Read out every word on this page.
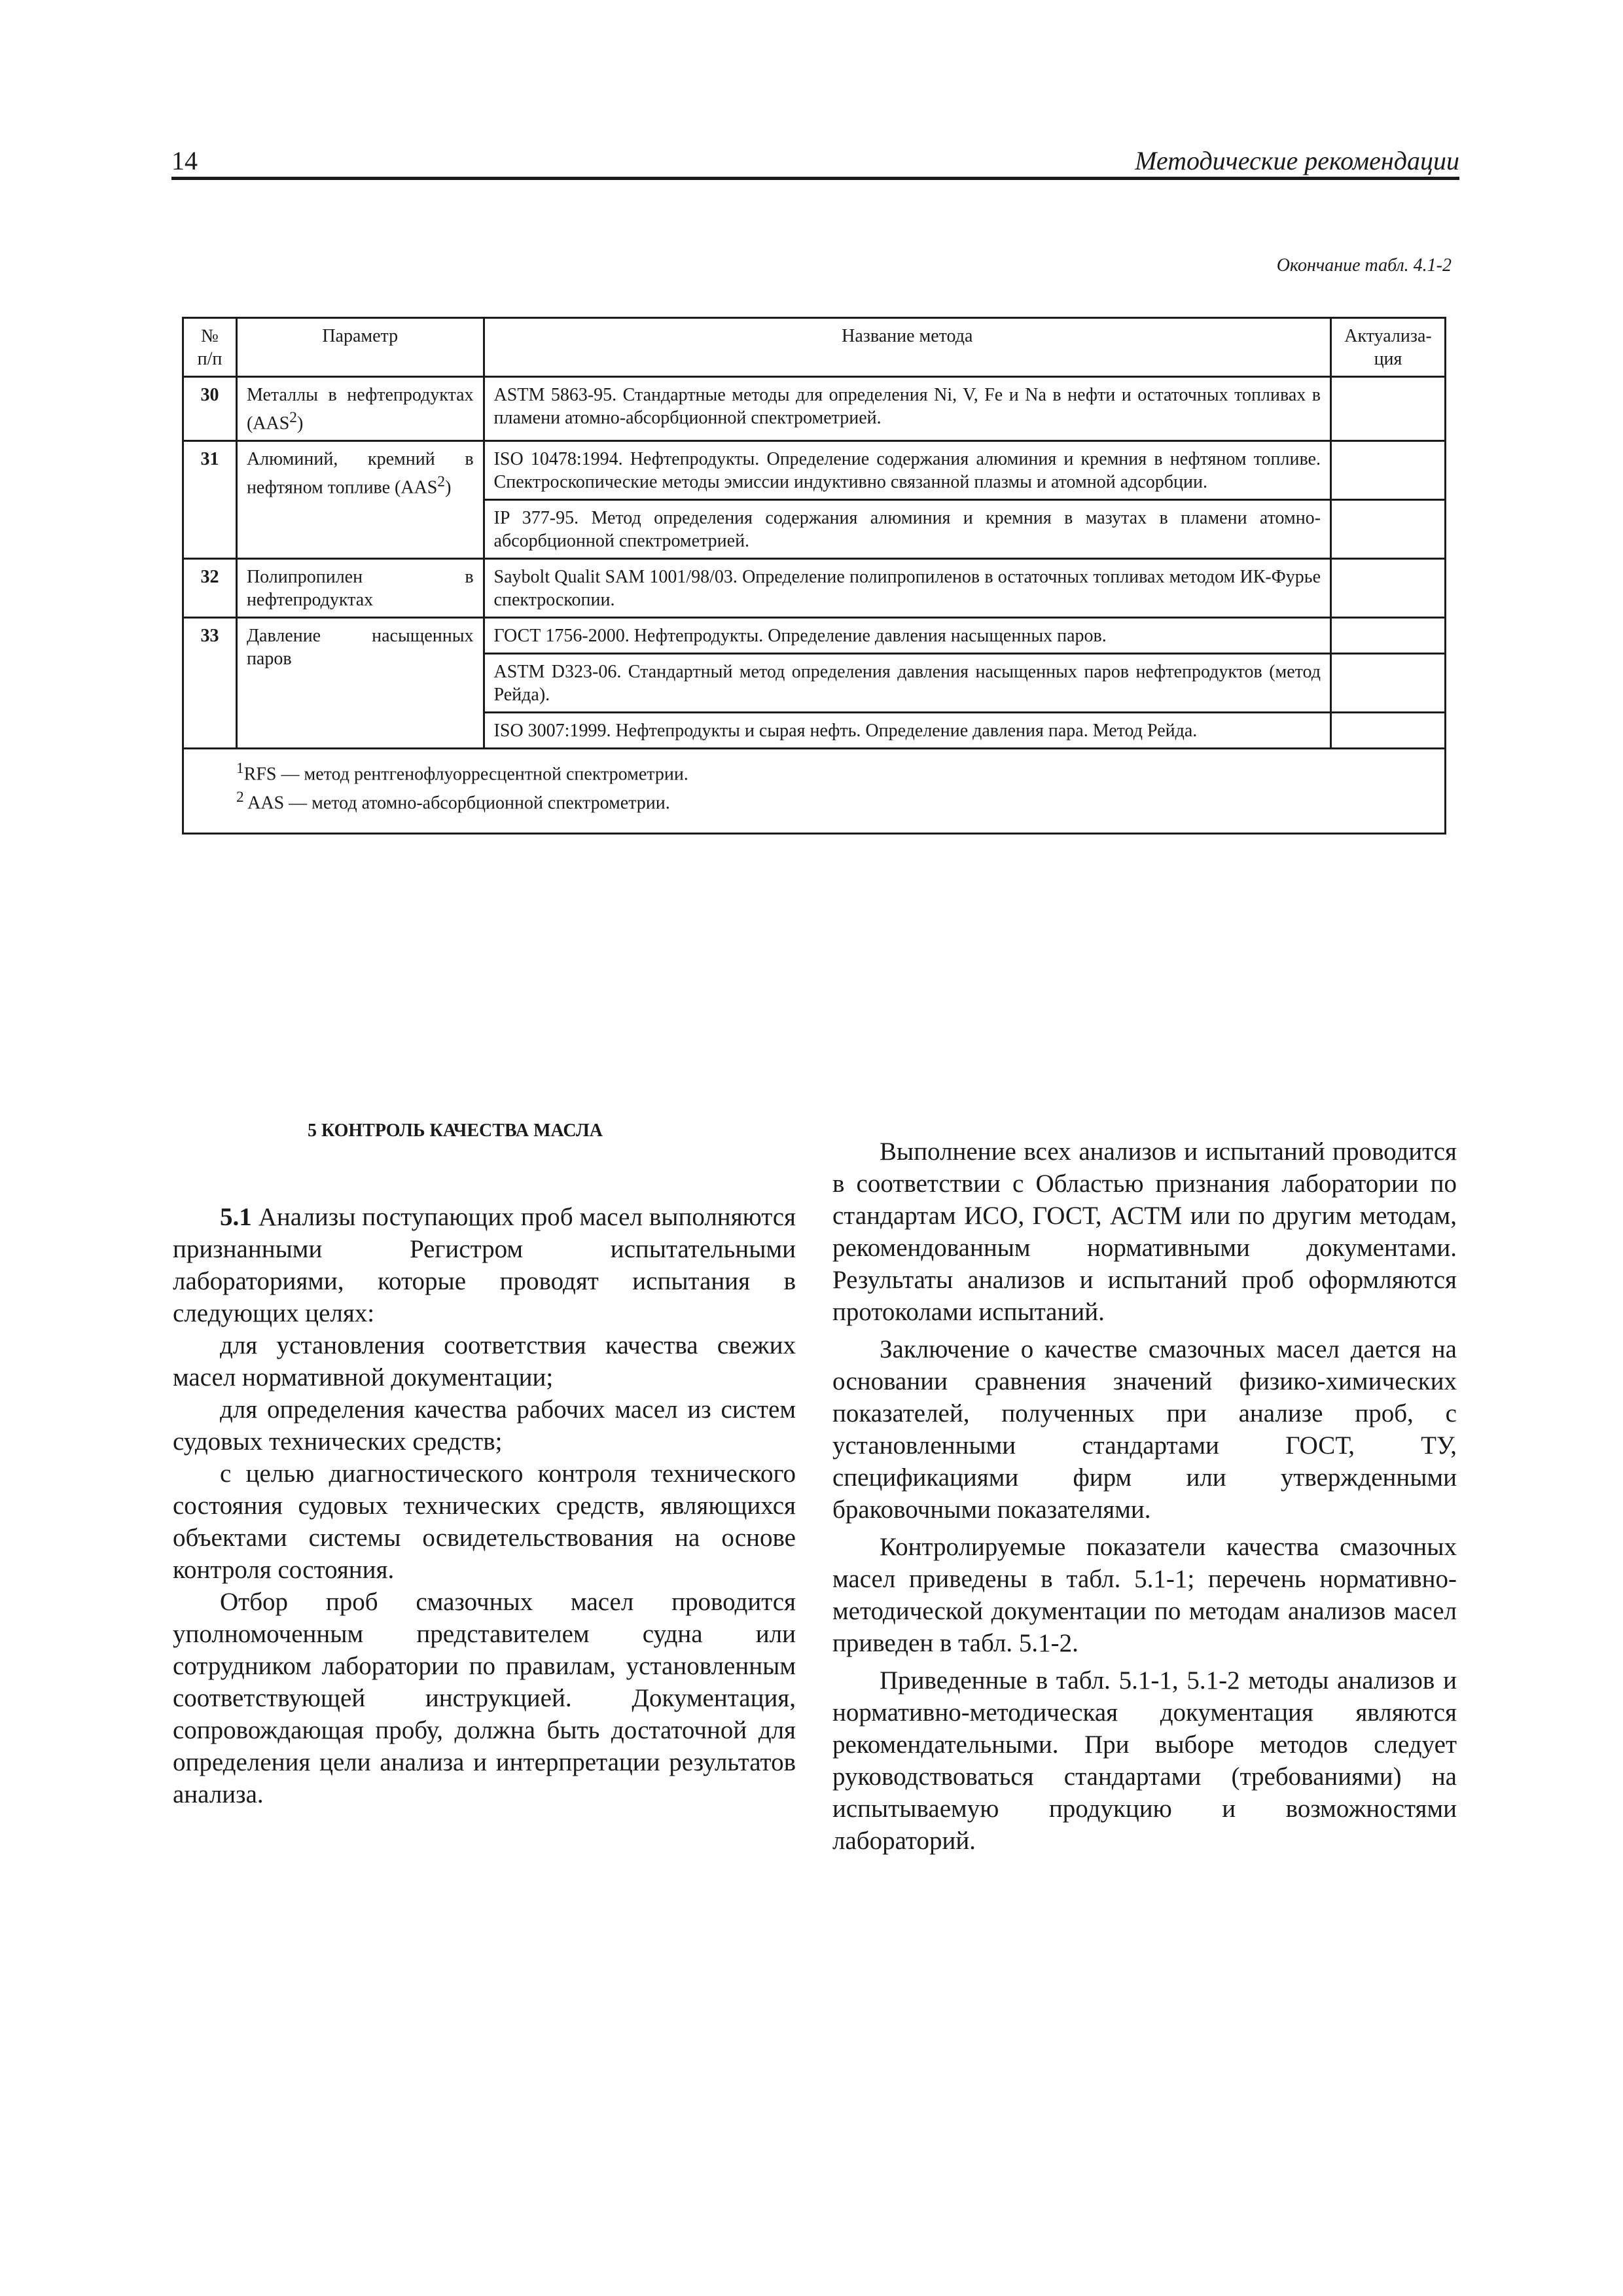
14	Методические рекомендации
Окончание табл. 4.1-2
№ п/п	Параметр	Название метода	Актуализа-ция
30	Металлы в нефтепродуктах (AAS$^2$)	ASTM 5863-95. Стандартные методы для определения Ni, V, Fe и Na в нефти и остаточных топливах в пламени атомно-абсорбционной спектрометрией.	
31	Алюминий, кремний в нефтяном топливе (AAS$^2$)	ISO 10478:1994. Нефтепродукты. Определение содержания алюминия и кремния в нефтяном топливе. Спектроскопические методы эмиссии индуктивно связанной плазмы и атомной адсорбции.	
		IP 377-95. Метод определения содержания алюминия и кремния в мазутах в пламени атомно-абсорбционной спектрометрией.	
32	Полипропилен в нефтепродуктах	Saybolt Qualit SAM 1001/98/03. Определение полипропиленов в остаточных топливах методом ИК-Фурье спектроскопии.	
33	Давление насыщенных паров	ГОСТ 1756-2000. Нефтепродукты. Определение давления насыщенных паров.	
		ASTM D323-06. Стандартный метод определения давления насыщенных паров нефтепродуктов (метод Рейда).	
		ISO 3007:1999. Нефтепродукты и сырая нефть. Определение давления пара. Метод Рейда.	

$^1$RFS — метод рентгенофлуорресцентной спектрометрии.
$^2$ AAS — метод атомно-абсорбционной спектрометрии.			
5 КОНТРОЛЬ КАЧЕСТВА МАСЛА

5.1 Анализы поступающих проб масел выполняются признанными Регистром испытательными лабораториями, которые проводят испытания в следующих целях:

для установления соответствия качества свежих масел нормативной документации;

для определения качества рабочих масел из систем судовых технических средств;

с целью диагностического контроля технического состояния судовых технических средств, являющихся объектами системы освидетельствования на основе контроля состояния.

Отбор проб смазочных масел проводится уполномоченным представителем судна или сотрудником лаборатории по правилам, установленным соответствующей инструкцией. Документация, сопровождающая пробу, должна быть достаточной для определения цели анализа и интерпретации результатов анализа.

Выполнение всех анализов и испытаний проводится в соответствии с Областью признания лаборатории по стандартам ИСО, ГОСТ, АСТМ или по другим методам, рекомендованным нормативными документами. Результаты анализов и испытаний проб оформляются протоколами испытаний.

Заключение о качестве смазочных масел дается на основании сравнения значений физико-химических показателей, полученных при анализе проб, с установленными стандартами ГОСТ, ТУ, спецификациями фирм или утвержденными браковочными показателями.

Контролируемые показатели качества смазочных масел приведены в табл. 5.1-1; перечень нормативно-методической документации по методам анализов масел приведен в табл. 5.1-2.

Приведенные в табл. 5.1-1, 5.1-2 методы анализов и нормативно-методическая документация являются рекомендательными. При выборе методов следует руководствоваться стандартами (требованиями) на испытываемую продукцию и возможностями лабораторий.
